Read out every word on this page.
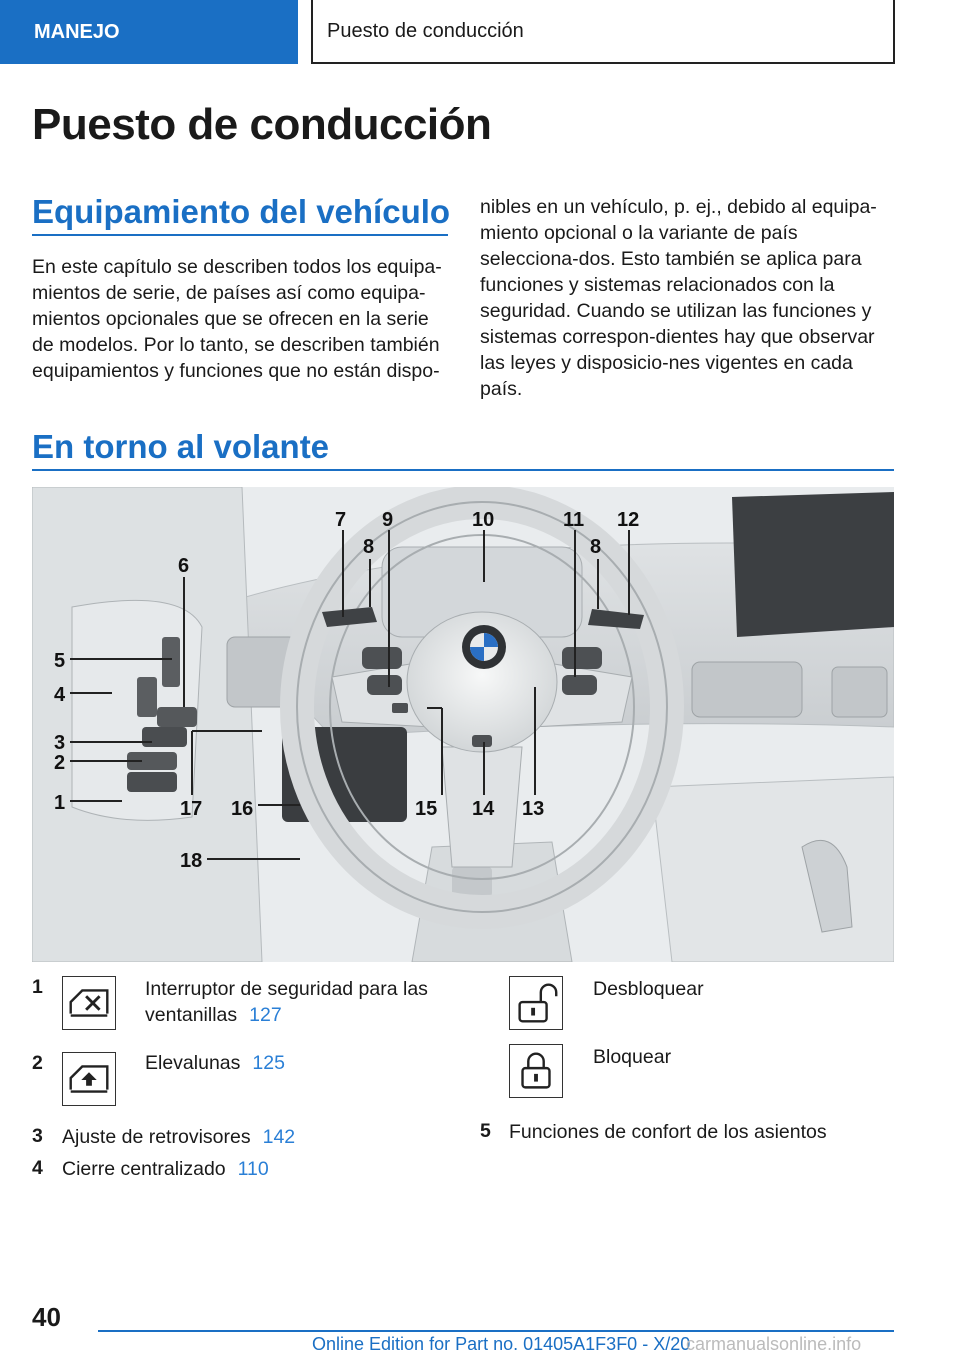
MANEJO	Puesto de conducción
Puesto de conducción
Equipamiento del vehículo

En este capítulo se describen todos los equipa-mientos de serie, de países así como equipa-mientos opcionales que se ofrecen en la serie de modelos. Por lo tanto, se describen también equipamientos y funciones que no están dispo-

nibles en un vehículo, p. ej., debido al equipa-miento opcional o la variante de país selecciona-dos. Esto también se aplica para funciones y sistemas relacionados con la seguridad. Cuando se utilizan las funciones y sistemas correspon-dientes hay que observar las leyes y disposicio-nes vigentes en cada país.

En torno al volante
1
2
3
4
5
6
7
8
9	10	11
8
12
13
14
15
16
17
18
1	Interruptor de seguridad para las ventanillas 127
2	Elevalunas 125
3 Ajuste de retrovisores 142
4 Cierre centralizado 110
Desbloquear
Bloquear
5 Funciones de confort de los asientos
40
Online Edition for Part no. 01405A1F3F0 - X/20
carmanualsonline.info
